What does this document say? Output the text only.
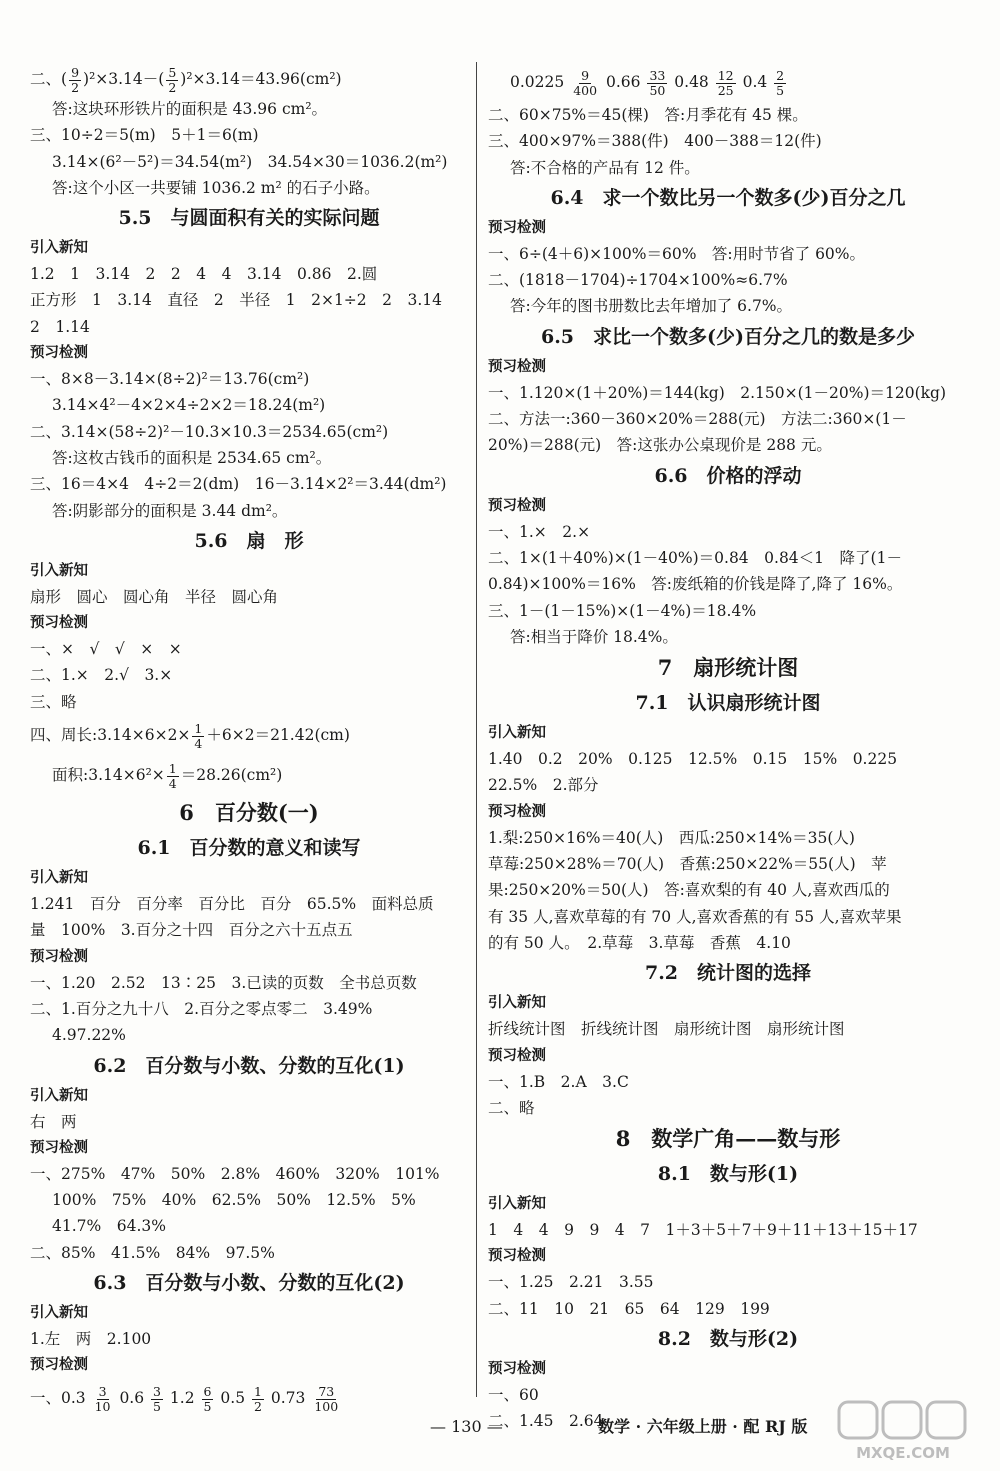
二、( $\frac{9}{2} )^2\times 3.14-( \frac{5}{2} )^2\times 3.14=43.96(cm^2)$
答:这块环形铁片的面积是 43.96 cm²。
三、10÷2＝5(m)　5＋1＝6(m)
3.14×(6²－5²)＝34.54(m²)　34.54×30＝1036.2(m²)
答:这个小区一共要铺 1036.2 m² 的石子小路。
5.5　与圆面积有关的实际问题
引入新知
1.2　1　3.14　2　2　4　4　3.14　0.86　2.圆
正方形　1　3.14　直径　2　半径　1　2×1÷2　2　3.14
2　1.14
预习检测
一、8×8－3.14×(8÷2)²＝13.76(cm²)
3.14×4²－4×2×4÷2×2＝18.24(m²)
二、3.14×(58÷2)²－10.3×10.3＝2534.65(cm²)
答:这枚古钱币的面积是 2534.65 cm²。
三、16＝4×4　4÷2＝2(dm)　16－3.14×2²＝3.44(dm²)
答:阴影部分的面积是 3.44 dm²。
5.6　扇　形
引入新知
扇形　圆心　圆心角　半径　圆心角
预习检测
一、×　√　√　×　×
二、1.×　2.√　3.×
三、略
四、周长:3.14×6×2× $\frac{1}{4} +6\times 2=21.42(cm)$
面积:3.14×6²× $\frac{1}{4} =28.26(cm^2)$
6　百分数(一)
6.1　百分数的意义和读写
引入新知
1.241　百分　百分率　百分比　百分　65.5%　面料总质
量　100%　3.百分之十四　百分之六十五点五
预习检测
一、1.20　2.52　13∶25　3.已读的页数　全书总页数
二、1.百分之九十八　2.百分之零点零二　3.49%
4.97.22%
6.2　百分数与小数、分数的互化(1)
引入新知
右　两
预习检测
一、275%　47%　50%　2.8%　460%　320%　101%
100%　75%　40%　62.5%　50%　12.5%　5%
41.7%　64.3%
二、85%　41.5%　84%　97.5%
6.3　百分数与小数、分数的互化(2)
引入新知
1.左　两　2.100
预习检测
一、$0.3 \frac{3}{10} 0.6 \frac{3}{5} 1.2 \frac{6}{5} 0.5 \frac{1}{2} 0.73 \frac{73}{100}$
$0.0225 \frac{9}{400} 0.66 \frac{33}{50} 0.48 \frac{12}{25} 0.4 \frac{2}{5}$
二、60×75%＝45(棵)　答:月季花有 45 棵。
三、400×97%＝388(件)　400－388＝12(件)
答:不合格的产品有 12 件。
6.4　求一个数比另一个数多(少)百分之几
预习检测
一、6÷(4＋6)×100%＝60%　答:用时节省了 60%。
二、(1818－1704)÷1704×100%≈6.7%
答:今年的图书册数比去年增加了 6.7%。
6.5　求比一个数多(少)百分之几的数是多少
预习检测
一、1.120×(1＋20%)＝144(kg)　2.150×(1－20%)＝120(kg)
二、方法一:360－360×20%＝288(元)　方法二:360×(1－
20%)＝288(元)　答:这张办公桌现价是 288 元。
6.6　价格的浮动
预习检测
一、1.×　2.×
二、1×(1＋40%)×(1－40%)＝0.84　0.84＜1　降了(1－
0.84)×100%＝16%　答:废纸箱的价钱是降了,降了 16%。
三、1－(1－15%)×(1－4%)＝18.4%
答:相当于降价 18.4%。
7　扇形统计图
7.1　认识扇形统计图
引入新知
1.40　0.2　20%　0.125　12.5%　0.15　15%　0.225
22.5%　2.部分
预习检测
1.梨:250×16%＝40(人)　西瓜:250×14%＝35(人)
草莓:250×28%＝70(人)　香蕉:250×22%＝55(人)　苹
果:250×20%＝50(人)　答:喜欢梨的有 40 人,喜欢西瓜的
有 35 人,喜欢草莓的有 70 人,喜欢香蕉的有 55 人,喜欢苹果
的有 50 人。　2.草莓　3.草莓　香蕉　4.10
7.2　统计图的选择
引入新知
折线统计图　折线统计图　扇形统计图　扇形统计图
预习检测
一、1.B　2.A　3.C
二、略
8　数学广角——数与形
8.1　数与形(1)
引入新知
1　4　4　9　9　4　7　1＋3＋5＋7＋9＋11＋13＋15＋17
预习检测
一、1.25　2.21　3.55
二、11　10　21　65　64　129　199
8.2　数与形(2)
预习检测
一、60
二、1.45　2.64
— 130 —	数学 · 六年级上册 · 配 RJ 版
MXQE.COM
